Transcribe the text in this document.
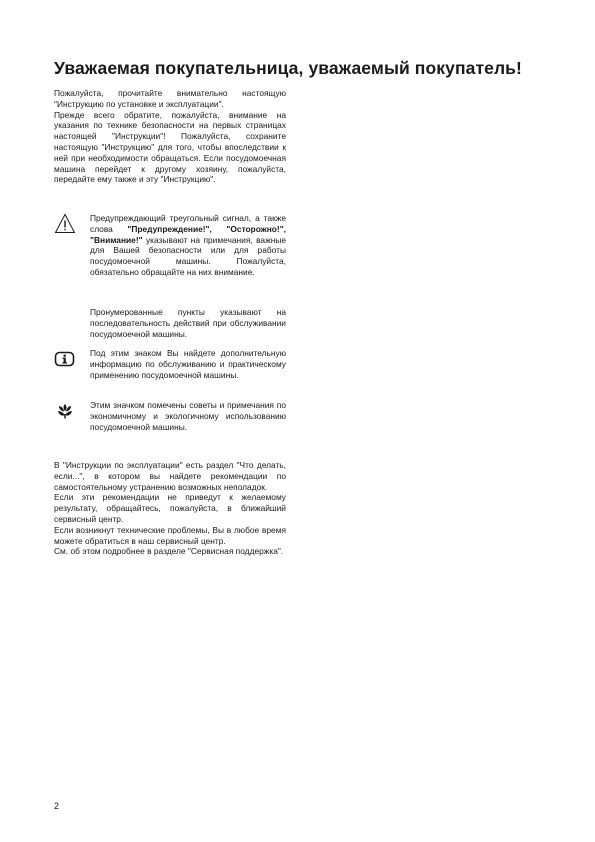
Уважаемая покупательница, уважаемый покупатель!

Пожалуйста, прочитайте внимательно настоящую "Инструкцию по установке и эксплуатации".

Прежде всего обратите, пожалуйста, внимание на указания по технике безопасности на первых страницах настоящей "Инструкции"! Пожалуйста, сохраните настоящую "Инструкцию" для того, чтобы впоследствии к ней при необходимости обращаться. Если посудомоечная машина перейдет к другому хозяину, пожалуйста, передайте ему также и эту "Инструкцию".

Предупреждающий треугольный сигнал, а также слова "Предупреждение!", "Осторожно!", "Внимание!" указывают на примечания, важные для Вашей безопасности или для работы посудомоечной машины. Пожалуйста, обязательно обращайте на них внимание.
Пронумерованные пункты указывают на последовательность действий при обслуживании посудомоечной машины.
Под этим знаком Вы найдете дополнительную информацию по обслуживанию и практическому применению посудомоечной машины.
Этим значком помечены советы и примечания по экономичному и экологичному использованию посудомоечной машины.

В "Инструкции по эксплуатации" есть раздел "Что делать, если...", в котором вы найдете рекомендации по самостоятельному устранению возможных неполадок.

Если эти рекомендации не приведут к желаемому результату, обращайтесь, пожалуйста, в ближайший сервисный центр.

Если возникнут технические проблемы, Вы в любое время можете обратиться в наш сервисный центр.

См. об этом подробнее в разделе "Сервисная поддержка".

2
